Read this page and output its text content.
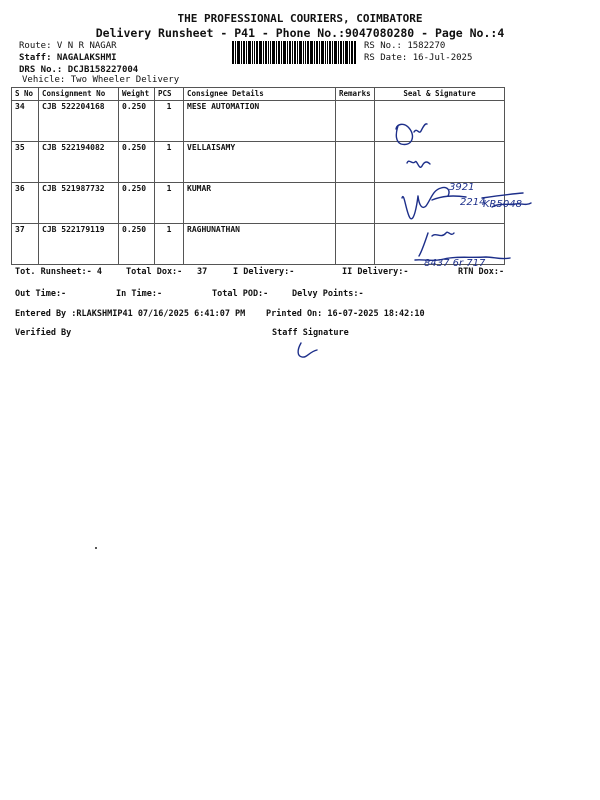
THE PROFESSIONAL COURIERS, COIMBATORE
Delivery Runsheet - P41 - Phone No.:9047080280 - Page No.:4
Route: V N R NAGAR
Staff: NAGALAKSHMI
DRS No.: DCJB158227004
Vehicle: Two Wheeler Delivery
RS No.: 1582270
RS Date: 16-Jul-2025
S No	Consignment No	Weight	PCS	Consignee Details	Remarks	Seal & Signature
34	CJB 522204168	0.250	1	MESE AUTOMATION		
35	CJB 522194082	0.250	1	VELLAISAMY		
36	CJB 521987732	0.250	1	KUMAR		
37	CJB 522179119	0.250	1	RAGHUNATHAN		
3921
2214
KR5048
8437 6r 717
Tot. Runsheet:- 4	Total Dox:- 37	I Delivery:-	II Delivery:-	RTN Dox:-
Out Time:-	In Time:-	Total POD:-	Delvy Points:-
Entered By :RLAKSHMIP41 07/16/2025 6:41:07 PM Printed On: 16-07-2025 18:42:10
Verified By	Staff Signature
